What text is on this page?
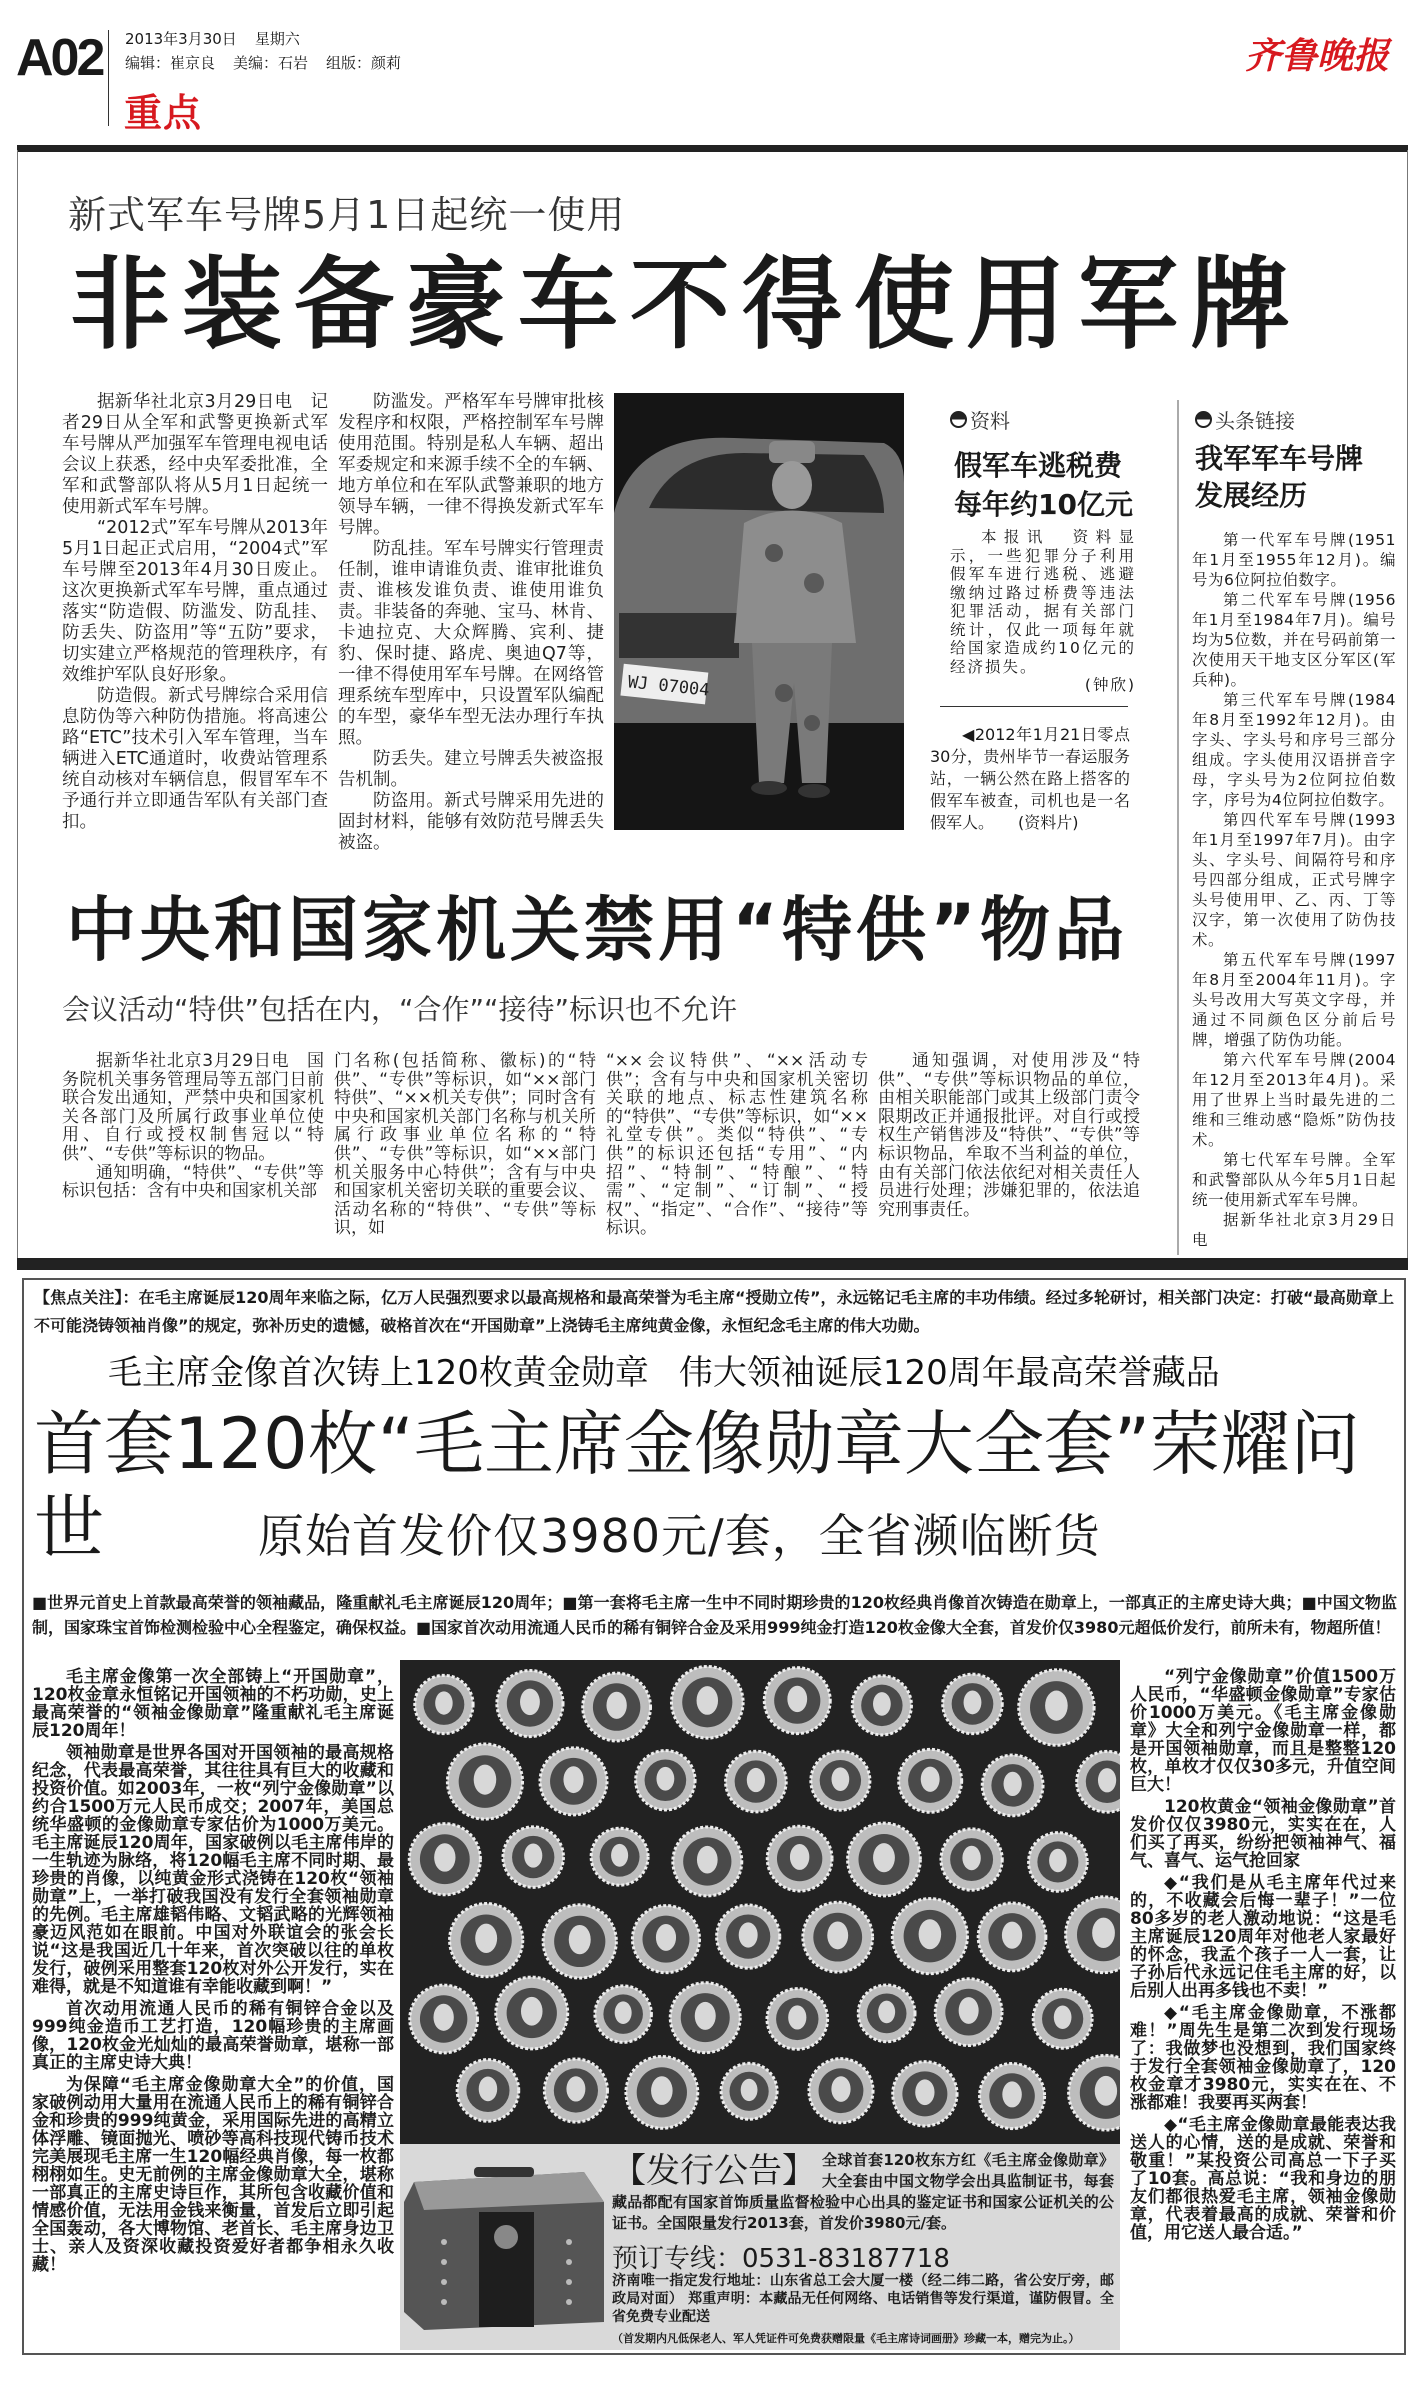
A02 2013年3月30日 星期六
编辑：崔京良 美编：石岩 组版：颜莉
重点
齐鲁晚报
新式军车号牌5月1日起统一使用
非装备豪车不得使用军牌

据新华社北京3月29日电　记者29日从全军和武警更换新式军车号牌从严加强军车管理电视电话会议上获悉，经中央军委批准，全军和武警部队将从5月1日起统一使用新式军车号牌。

“2012式”军车号牌从2013年5月1日起正式启用，“2004式”军车号牌至2013年4月30日废止。这次更换新式军车号牌，重点通过落实“防造假、防滥发、防乱挂、防丢失、防盗用”等“五防”要求，切实建立严格规范的管理秩序，有效维护军队良好形象。

防造假。新式号牌综合采用信息防伪等六种防伪措施。将高速公路“ETC”技术引入军车管理，当车辆进入ETC通道时，收费站管理系统自动核对车辆信息，假冒军车不予通行并立即通告军队有关部门查扣。

防滥发。严格军车号牌审批核发程序和权限，严格控制军车号牌使用范围。特别是私人车辆、超出军委规定和来源手续不全的车辆、地方单位和在军队武警兼职的地方领导车辆，一律不得换发新式军车号牌。

防乱挂。军车号牌实行管理责任制，谁申请谁负责、谁审批谁负责、谁核发谁负责、谁使用谁负责。非装备的奔驰、宝马、林肯、卡迪拉克、大众辉腾、宾利、捷豹、保时捷、路虎、奥迪Q7等，一律不得使用军车号牌。在网络管理系统车型库中，只设置军队编配的车型，豪华车型无法办理行车执照。

防丢失。建立号牌丢失被盗报告机制。

防盗用。新式号牌采用先进的固封材料，能够有效防范号牌丢失被盗。

WJ 07004
资料
假军车逃税费
每年约10亿元

本报讯　资料显示，一些犯罪分子利用假军车进行逃税、逃避缴纳过路过桥费等违法犯罪活动，据有关部门统计，仅此一项每年就给国家造成约10亿元的经济损失。

(钟欣)

◀2012年1月21日零点30分，贵州毕节一春运服务站，一辆公然在路上搭客的假军车被查，司机也是一名假军人。　　 (资料片)

头条链接
我军军车号牌
发展经历

第一代军车号牌(1951年1月至1955年12月)。编号为6位阿拉伯数字。

第二代军车号牌(1956年1月至1984年7月)。编号均为5位数，并在号码前第一次使用天干地支区分军区(军兵种)。

第三代军车号牌(1984年8月至1992年12月)。由字头、字头号和序号三部分组成。字头使用汉语拼音字母，字头号为2位阿拉伯数字，序号为4位阿拉伯数字。

第四代军车号牌(1993年1月至1997年7月)。由字头、字头号、间隔符号和序号四部分组成，正式号牌字头号使用甲、乙、丙、丁等汉字，第一次使用了防伪技术。

第五代军车号牌(1997年8月至2004年11月)。字头号改用大写英文字母，并通过不同颜色区分前后号牌，增强了防伪功能。

第六代军车号牌(2004年12月至2013年4月)。采用了世界上当时最先进的二维和三维动感“隐烁”防伪技术。

第七代军车号牌。全军和武警部队从今年5月1日起统一使用新式军车号牌。

据新华社北京3月29日电

中央和国家机关禁用“特供”物品
会议活动“特供”包括在内，“合作”“接待”标识也不允许

据新华社北京3月29日电　国务院机关事务管理局等五部门日前联合发出通知，严禁中央和国家机关各部门及所属行政事业单位使用、自行或授权制售冠以“特供”、“专供”等标识的物品。

通知明确，“特供”、“专供”等标识包括：含有中央和国家机关部

门名称(包括简称、徽标)的“特供”、“专供”等标识，如“××部门特供”、“××机关专供”；同时含有中央和国家机关部门名称与机关所属行政事业单位名称的“特供”、“专供”等标识，如“××部门机关服务中心特供”；含有与中央和国家机关密切关联的重要会议、活动名称的“特供”、“专供”等标识，如
“××会议特供”、“××活动专供”；含有与中央和国家机关密切关联的地点、标志性建筑名称的“特供”、“专供”等标识，如“××礼堂专供”。类似“特供”、“专供”的标识还包括“专用”、“内招”、“特制”、“特酿”、“特需”、“定制”、“订制”、“授权”、“指定”、“合作”、“接待”等标识。

通知强调，对使用涉及“特供”、“专供”等标识物品的单位，由相关职能部门或其上级部门责令限期改正并通报批评。对自行或授权生产销售涉及“特供”、“专供”等标识物品，牟取不当利益的单位，由有关部门依法依纪对相关责任人员进行处理；涉嫌犯罪的，依法追究刑事责任。

【焦点关注】：在毛主席诞辰120周年来临之际，亿万人民强烈要求以最高规格和最高荣誉为毛主席“授勋立传”，永远铭记毛主席的丰功伟绩。经过多轮研讨，相关部门决定：打破“最高勋章上不可能浇铸领袖肖像”的规定，弥补历史的遗憾，破格首次在“开国勋章”上浇铸毛主席纯黄金像，永恒纪念毛主席的伟大功勋。
毛主席金像首次铸上120枚黄金勋章 伟大领袖诞辰120周年最高荣誉藏品
首套120枚“毛主席金像勋章大全套”荣耀问世	原始首发价仅3980元/套，全省濒临断货
■世界元首史上首款最高荣誉的领袖藏品，隆重献礼毛主席诞辰120周年；■第一套将毛主席一生中不同时期珍贵的120枚经典肖像首次铸造在勋章上，一部真正的主席史诗大典；■中国文物监制，国家珠宝首饰检测检验中心全程鉴定，确保权益。■国家首次动用流通人民币的稀有铜锌合金及采用999纯金打造120枚金像大全套，首发价仅3980元超低价发行，前所未有，物超所值！

毛主席金像第一次全部铸上“开国勋章”，120枚金章永恒铭记开国领袖的不朽功勋，史上最高荣誉的“领袖金像勋章”隆重献礼毛主席诞辰120周年！

领袖勋章是世界各国对开国领袖的最高规格纪念，代表最高荣誉，其往往具有巨大的收藏和投资价值。如2003年，一枚“列宁金像勋章”以约合1500万元人民币成交；2007年，美国总统华盛顿的金像勋章专家估价为1000万美元。毛主席诞辰120周年，国家破例以毛主席伟岸的一生轨迹为脉络，将120幅毛主席不同时期、最珍贵的肖像，以纯黄金形式浇铸在120枚“领袖勋章”上，一举打破我国没有发行全套领袖勋章的先例。毛主席雄韬伟略、文韬武略的光辉领袖豪迈风范如在眼前。中国对外联谊会的张会长说“这是我国近几十年来，首次突破以往的单枚发行，破例采用整套120枚对外公开发行，实在难得，就是不知道谁有幸能收藏到啊！”

首次动用流通人民币的稀有铜锌合金以及999纯金造币工艺打造，120幅珍贵的主席画像，120枚金光灿灿的最高荣誉勋章，堪称一部真正的主席史诗大典！

为保障“毛主席金像勋章大全”的价值，国家破例动用大量用在流通人民币上的稀有铜锌合金和珍贵的999纯黄金，采用国际先进的高精立体浮雕、镜面抛光、喷砂等高科技现代铸币技术完美展现毛主席一生120幅经典肖像，每一枚都栩栩如生。史无前例的主席金像勋章大全，堪称一部真正的主席史诗巨作，其所包含收藏价值和情感价值，无法用金钱来衡量，首发后立即引起全国轰动，各大博物馆、老首长、毛主席身边卫士、亲人及资深收藏投资爱好者都争相永久收藏！

“列宁金像勋章”价值1500万人民币，“华盛顿金像勋章”专家估价1000万美元。《毛主席金像勋章》大全和列宁金像勋章一样，都是开国领袖勋章，而且是整整120枚，单枚才仅仅30多元，升值空间巨大！

120枚黄金“领袖金像勋章”首发价仅仅3980元，实实在在，人们买了再买，纷纷把领袖神气、福气、喜气、运气抢回家

◆“我们是从毛主席年代过来的，不收藏会后悔一辈子！”一位80多岁的老人激动地说：“这是毛主席诞辰120周年对他老人家最好的怀念，我孟个孩子一人一套，让子孙后代永远记住毛主席的好，以后别人出再多钱也不卖！”

◆“毛主席金像勋章，不涨都难！”周先生是第二次到发行现场了：我做梦也没想到，我们国家终于发行全套领袖金像勋章了，120枚金章才3980元，实实在在、不涨都难！我要再买两套！

◆“毛主席金像勋章最能表达我送人的心情，送的是成就、荣誉和敬重！”某投资公司高总一下子买了10套。高总说：“我和身边的朋友们都很热爱毛主席，领袖金像勋章，代表着最高的成就、荣誉和价值，用它送人最合适。”

【发行公告】 全球首套120枚东方红《毛主席金像勋章》大全套由中国文物学会出具监制证书，每套藏品都配有国家首饰质量监督检验中心出具的鉴定证书和国家公证机关的公证书。全国限量发行2013套，首发价3980元/套。
预订专线：0531-83187718
济南唯一指定发行地址：山东省总工会大厦一楼（经二纬二路，省公安厅旁，邮政局对面） 郑重声明：本藏品无任何网络、电话销售等发行渠道，谨防假冒。全省免费专业配送
（首发期内凡低保老人、军人凭证件可免费获赠限量《毛主席诗词画册》珍藏一本，赠完为止。）
